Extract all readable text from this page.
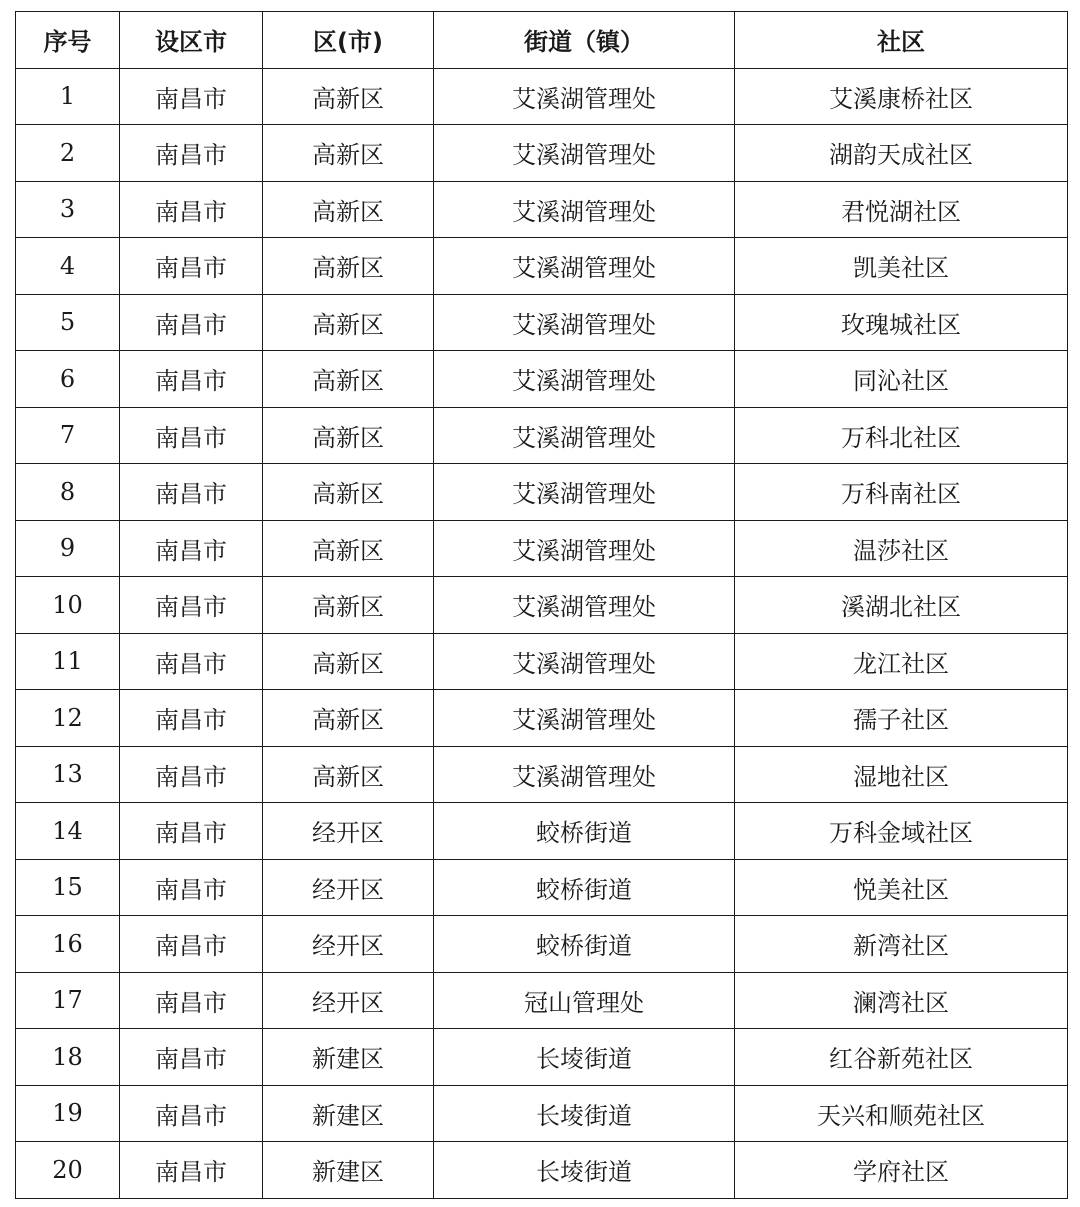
序号	设区市	区(市)	街道（镇）	社区
1	南昌市	高新区	艾溪湖管理处	艾溪康桥社区
2	南昌市	高新区	艾溪湖管理处	湖韵天成社区
3	南昌市	高新区	艾溪湖管理处	君悦湖社区
4	南昌市	高新区	艾溪湖管理处	凯美社区
5	南昌市	高新区	艾溪湖管理处	玫瑰城社区
6	南昌市	高新区	艾溪湖管理处	同沁社区
7	南昌市	高新区	艾溪湖管理处	万科北社区
8	南昌市	高新区	艾溪湖管理处	万科南社区
9	南昌市	高新区	艾溪湖管理处	温莎社区
10	南昌市	高新区	艾溪湖管理处	溪湖北社区
11	南昌市	高新区	艾溪湖管理处	龙江社区
12	南昌市	高新区	艾溪湖管理处	孺子社区
13	南昌市	高新区	艾溪湖管理处	湿地社区
14	南昌市	经开区	蛟桥街道	万科金域社区
15	南昌市	经开区	蛟桥街道	悦美社区
16	南昌市	经开区	蛟桥街道	新湾社区
17	南昌市	经开区	冠山管理处	澜湾社区
18	南昌市	新建区	长堎街道	红谷新苑社区
19	南昌市	新建区	长堎街道	天兴和顺苑社区
20	南昌市	新建区	长堎街道	学府社区
